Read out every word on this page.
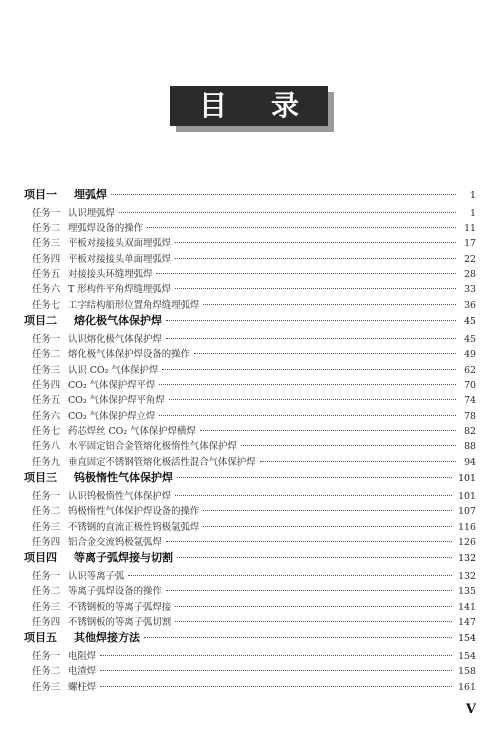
目 录
项目一	埋弧焊	1
任务一 认识埋弧焊	1
任务二 埋弧焊设备的操作	11
任务三 平板对接接头双面埋弧焊	17
任务四 平板对接接头单面埋弧焊	22
任务五 对接接头环缝埋弧焊	28
任务六 T 形构件平角焊缝埋弧焊	33
任务七 工字结构船形位置角焊缝埋弧焊	36
项目二	熔化极气体保护焊	45
任务一 认识熔化极气体保护焊	45
任务二 熔化极气体保护焊设备的操作	49
任务三 认识 CO₂ 气体保护焊	62
任务四 CO₂ 气体保护焊平焊	70
任务五 CO₂ 气体保护焊平角焊	74
任务六 CO₂ 气体保护焊立焊	78
任务七 药芯焊丝 CO₂ 气体保护焊横焊	82
任务八 水平固定铝合金管熔化极惰性气体保护焊	88
任务九 垂直固定不锈钢管熔化极活性混合气体保护焊	94
项目三	钨极惰性气体保护焊	101
任务一 认识钨极惰性气体保护焊	101
任务二 钨极惰性气体保护焊设备的操作	107
任务三 不锈钢的直流正极性钨极氩弧焊	116
任务四 铝合金交流钨极氩弧焊	126
项目四	等离子弧焊接与切割	132
任务一 认识等离子弧	132
任务二 等离子弧焊设备的操作	135
任务三 不锈钢板的等离子弧焊接	141
任务四 不锈钢板的等离子弧切割	147
项目五	其他焊接方法	154
任务一 电阻焊	154
任务二 电渣焊	158
任务三 螺柱焊	161
V
